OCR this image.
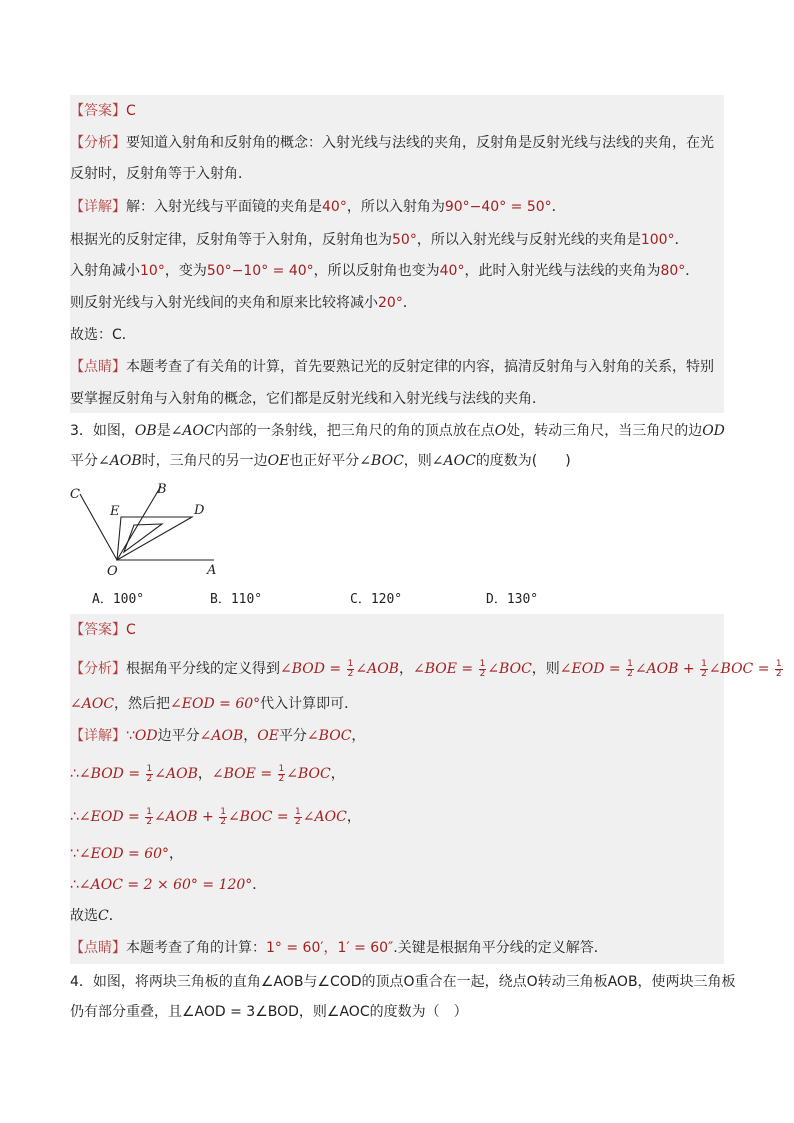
【答案】C
【分析】要知道入射角和反射角的概念：入射光线与法线的夹角，反射角是反射光线与法线的夹角，在光
反射时，反射角等于入射角．
【详解】解：入射光线与平面镜的夹角是40°，所以入射角为90°−40° = 50°．
根据光的反射定律，反射角等于入射角，反射角也为50°，所以入射光线与反射光线的夹角是100°．
入射角减小10°，变为50°−10° = 40°，所以反射角也变为40°，此时入射光线与法线的夹角为80°．
则反射光线与入射光线间的夹角和原来比较将减小20°．
故选：C．
【点睛】本题考查了有关角的计算，首先要熟记光的反射定律的内容，搞清反射角与入射角的关系，特别
要掌握反射角与入射角的概念，它们都是反射光线和入射光线与法线的夹角．
3．如图，OB是∠AOC内部的一条射线，把三角尺的角的顶点放在点O处，转动三角尺，当三角尺的边OD
平分∠AOB时，三角尺的另一边OE也正好平分∠BOC，则∠AOC的度数为(　　)
C	B
E	D
O	A
A．100°	B．110°	C．120°	D．130°
【答案】C
【分析】根据角平分线的定义得到∠BOD = $\frac{1}{2}$ ∠AOB，∠BOE = $\frac{1}{2}$ ∠BOC，则∠EOD = $\frac{1}{2}$ ∠AOB + $\frac{1}{2}$ ∠BOC = $\frac{1}{2}$
∠AOC，然后把∠EOD = 60°代入计算即可．
【详解】∵OD边平分∠AOB，OE平分∠BOC，
∴∠BOD = $\frac{1}{2}$ ∠AOB，∠BOE = $\frac{1}{2}$ ∠BOC，
∴∠EOD = $\frac{1}{2}$ ∠AOB + $\frac{1}{2}$ ∠BOC = $\frac{1}{2}$ ∠AOC，
∵∠EOD = 60°，
∴∠AOC = 2 × 60° = 120°．
故选C．
【点睛】本题考查了角的计算：1° = 60′，1′ = 60″.关键是根据角平分线的定义解答．
4．如图，将两块三角板的直角∠AOB与∠COD的顶点O重合在一起，绕点O转动三角板AOB，使两块三角板
仍有部分重叠，且∠AOD = 3∠BOD，则∠AOC的度数为（　）
